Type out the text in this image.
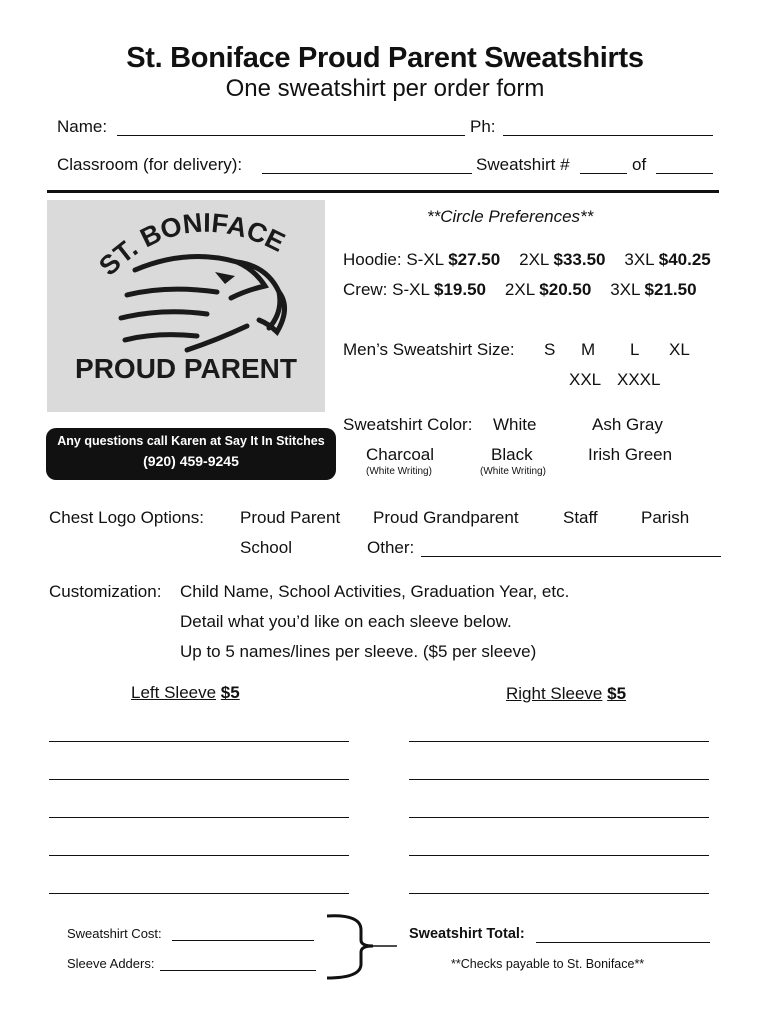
St. Boniface Proud Parent Sweatshirts
One sweatshirt per order form
Name:	Ph:
Classroom (for delivery):	Sweatshirt #	of
ST. BONIFACE
PROUD PARENT
Any questions call Karen at Say It In Stitches
(920) 459-9245
**Circle Preferences**
Hoodie: S-XL $27.50 2XL $33.50 3XL $40.25
Crew: S-XL $19.50 2XL $20.50 3XL $21.50
Men’s Sweatshirt Size: S M L XL
XXL XXXL
Sweatshirt Color: White	Ash Gray
Charcoal	Black	Irish Green
(White Writing)	(White Writing)
Chest Logo Options: Proud Parent Proud Grandparent	Staff	Parish
School	Other:
Customization: Child Name, School Activities, Graduation Year, etc.
Detail what you’d like on each sleeve below.
Up to 5 names/lines per sleeve. ($5 per sleeve)
Left Sleeve $5	Right Sleeve $5
Sweatshirt Cost:
Sleeve Adders:
Sweatshirt Total:
**Checks payable to St. Boniface**
